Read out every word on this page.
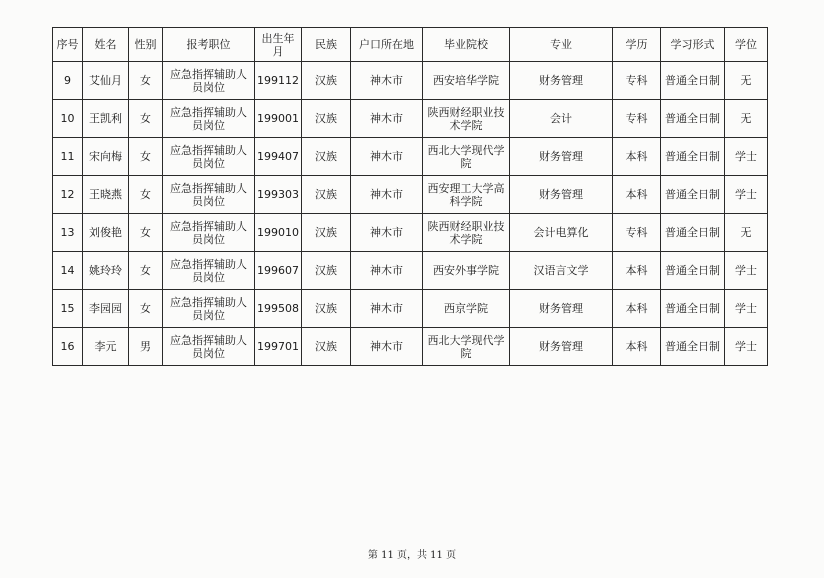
序号	姓名	性别	报考职位	出生年月	民族	户口所在地	毕业院校	专业	学历	学习形式	学位
9	艾仙月	女	应急指挥辅助人员岗位	199112	汉族	神木市	西安培华学院	财务管理	专科	普通全日制	无
10	王凯利	女	应急指挥辅助人员岗位	199001	汉族	神木市	陕西财经职业技术学院	会计	专科	普通全日制	无
11	宋向梅	女	应急指挥辅助人员岗位	199407	汉族	神木市	西北大学现代学院	财务管理	本科	普通全日制	学士
12	王晓燕	女	应急指挥辅助人员岗位	199303	汉族	神木市	西安理工大学高科学院	财务管理	本科	普通全日制	学士
13	刘俊艳	女	应急指挥辅助人员岗位	199010	汉族	神木市	陕西财经职业技术学院	会计电算化	专科	普通全日制	无
14	姚玲玲	女	应急指挥辅助人员岗位	199607	汉族	神木市	西安外事学院	汉语言文学	本科	普通全日制	学士
15	李园园	女	应急指挥辅助人员岗位	199508	汉族	神木市	西京学院	财务管理	本科	普通全日制	学士
16	李元	男	应急指挥辅助人员岗位	199701	汉族	神木市	西北大学现代学院	财务管理	本科	普通全日制	学士
第 11 页，共 11 页
